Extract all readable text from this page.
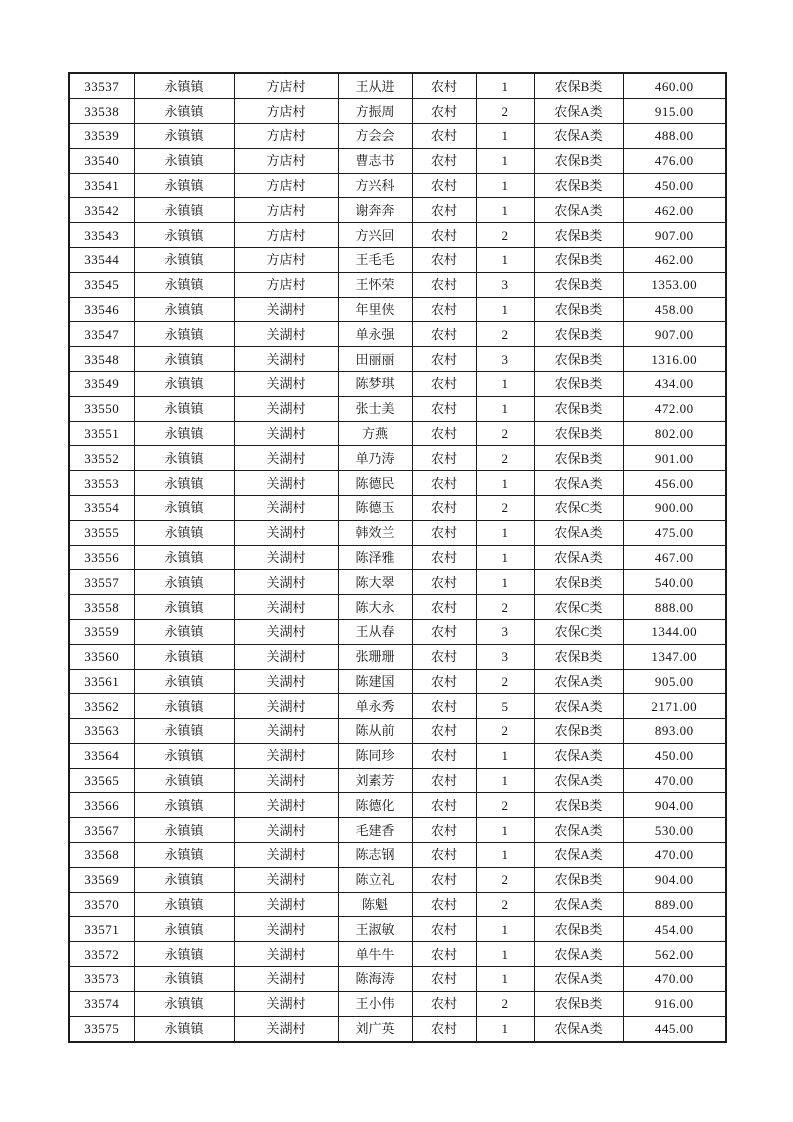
33537	永镇镇	方店村	王从进	农村	1	农保B类	460.00
33538	永镇镇	方店村	方振周	农村	2	农保A类	915.00
33539	永镇镇	方店村	方会会	农村	1	农保A类	488.00
33540	永镇镇	方店村	曹志书	农村	1	农保B类	476.00
33541	永镇镇	方店村	方兴科	农村	1	农保B类	450.00
33542	永镇镇	方店村	谢奔奔	农村	1	农保A类	462.00
33543	永镇镇	方店村	方兴回	农村	2	农保B类	907.00
33544	永镇镇	方店村	王毛毛	农村	1	农保B类	462.00
33545	永镇镇	方店村	王怀荣	农村	3	农保B类	1353.00
33546	永镇镇	关湖村	年里侠	农村	1	农保B类	458.00
33547	永镇镇	关湖村	单永强	农村	2	农保B类	907.00
33548	永镇镇	关湖村	田丽丽	农村	3	农保B类	1316.00
33549	永镇镇	关湖村	陈梦琪	农村	1	农保B类	434.00
33550	永镇镇	关湖村	张士美	农村	1	农保B类	472.00
33551	永镇镇	关湖村	方燕	农村	2	农保B类	802.00
33552	永镇镇	关湖村	单乃涛	农村	2	农保B类	901.00
33553	永镇镇	关湖村	陈德民	农村	1	农保A类	456.00
33554	永镇镇	关湖村	陈德玉	农村	2	农保C类	900.00
33555	永镇镇	关湖村	韩效兰	农村	1	农保A类	475.00
33556	永镇镇	关湖村	陈泽雅	农村	1	农保A类	467.00
33557	永镇镇	关湖村	陈大翠	农村	1	农保B类	540.00
33558	永镇镇	关湖村	陈大永	农村	2	农保C类	888.00
33559	永镇镇	关湖村	王从春	农村	3	农保C类	1344.00
33560	永镇镇	关湖村	张珊珊	农村	3	农保B类	1347.00
33561	永镇镇	关湖村	陈建国	农村	2	农保A类	905.00
33562	永镇镇	关湖村	单永秀	农村	5	农保A类	2171.00
33563	永镇镇	关湖村	陈从前	农村	2	农保B类	893.00
33564	永镇镇	关湖村	陈同珍	农村	1	农保A类	450.00
33565	永镇镇	关湖村	刘素芳	农村	1	农保A类	470.00
33566	永镇镇	关湖村	陈德化	农村	2	农保B类	904.00
33567	永镇镇	关湖村	毛建香	农村	1	农保A类	530.00
33568	永镇镇	关湖村	陈志钢	农村	1	农保A类	470.00
33569	永镇镇	关湖村	陈立礼	农村	2	农保B类	904.00
33570	永镇镇	关湖村	陈魁	农村	2	农保A类	889.00
33571	永镇镇	关湖村	王淑敏	农村	1	农保B类	454.00
33572	永镇镇	关湖村	单牛牛	农村	1	农保A类	562.00
33573	永镇镇	关湖村	陈海涛	农村	1	农保A类	470.00
33574	永镇镇	关湖村	王小伟	农村	2	农保B类	916.00
33575	永镇镇	关湖村	刘广英	农村	1	农保A类	445.00
